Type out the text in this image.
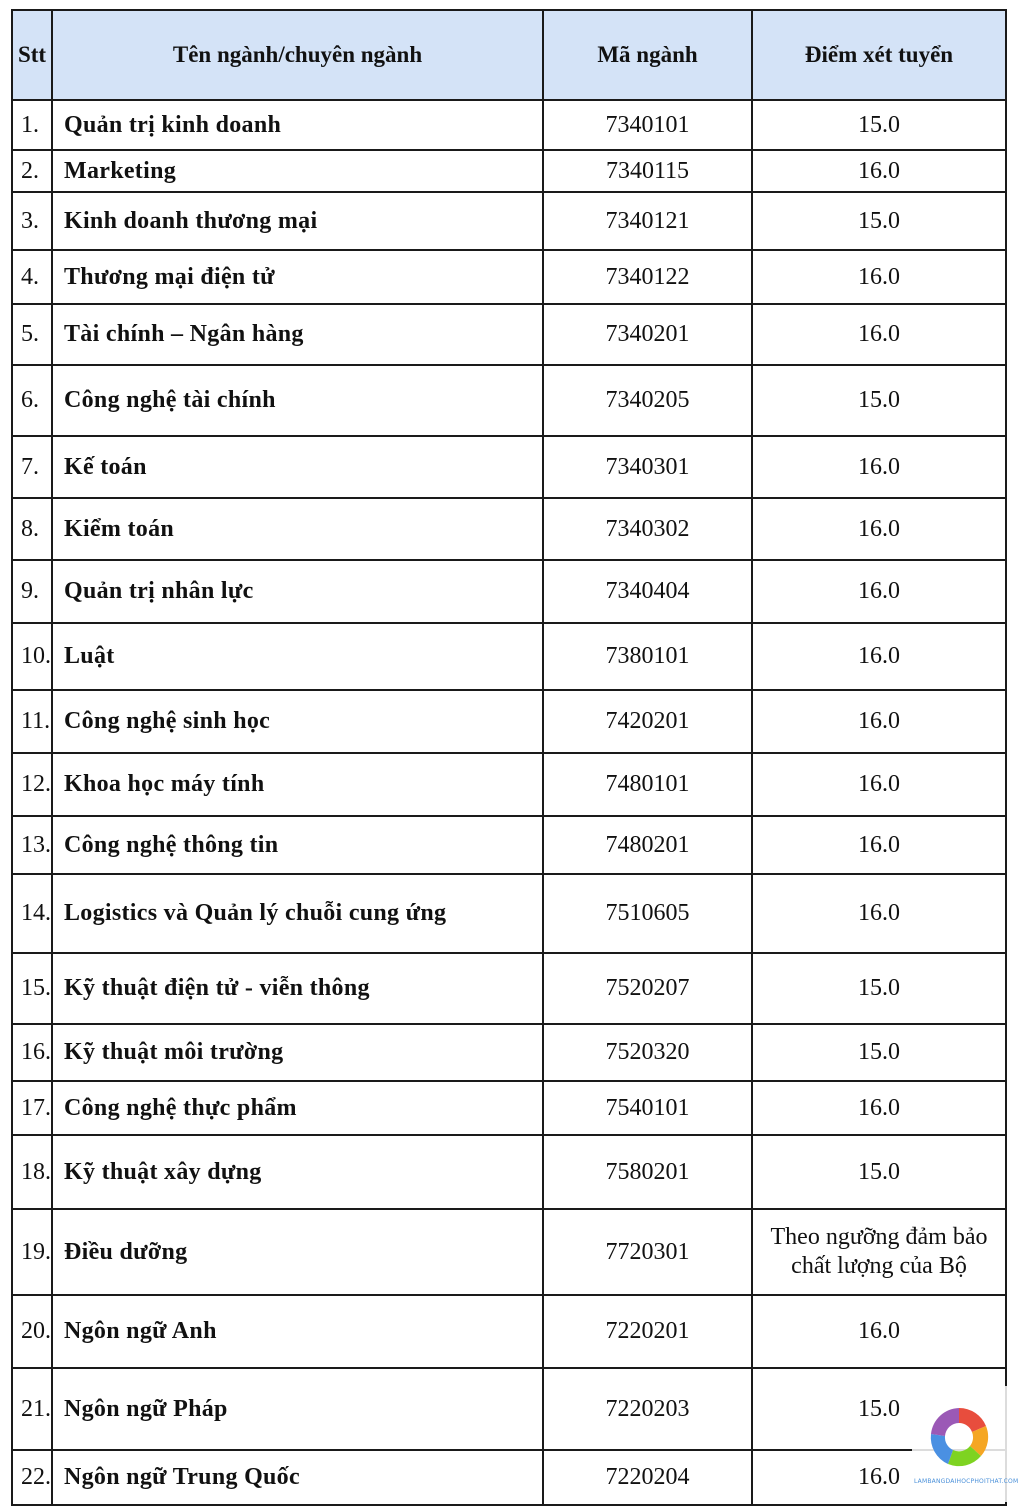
Stt	Tên ngành/chuyên ngành	Mã ngành	Điểm xét tuyển
1.	Quản trị kinh doanh	7340101	15.0
2.	Marketing	7340115	16.0
3.	Kinh doanh thương mại	7340121	15.0
4.	Thương mại điện tử	7340122	16.0
5.	Tài chính – Ngân hàng	7340201	16.0
6.	Công nghệ tài chính	7340205	15.0
7.	Kế toán	7340301	16.0
8.	Kiểm toán	7340302	16.0
9.	Quản trị nhân lực	7340404	16.0
10.	Luật	7380101	16.0
11.	Công nghệ sinh học	7420201	16.0
12.	Khoa học máy tính	7480101	16.0
13.	Công nghệ thông tin	7480201	16.0
14.	Logistics và Quản lý chuỗi cung ứng	7510605	16.0
15.	Kỹ thuật điện tử - viễn thông	7520207	15.0
16.	Kỹ thuật môi trường	7520320	15.0
17.	Công nghệ thực phẩm	7540101	16.0
18.	Kỹ thuật xây dựng	7580201	15.0
19.	Điều dưỡng	7720301	Theo ngưỡng đảm bảo chất lượng của Bộ
20.	Ngôn ngữ Anh	7220201	16.0
21.	Ngôn ngữ Pháp	7220203	15.0
22.	Ngôn ngữ Trung Quốc	7220204	16.0 LAMBANGDAIHOCPHOITHAT.COM
